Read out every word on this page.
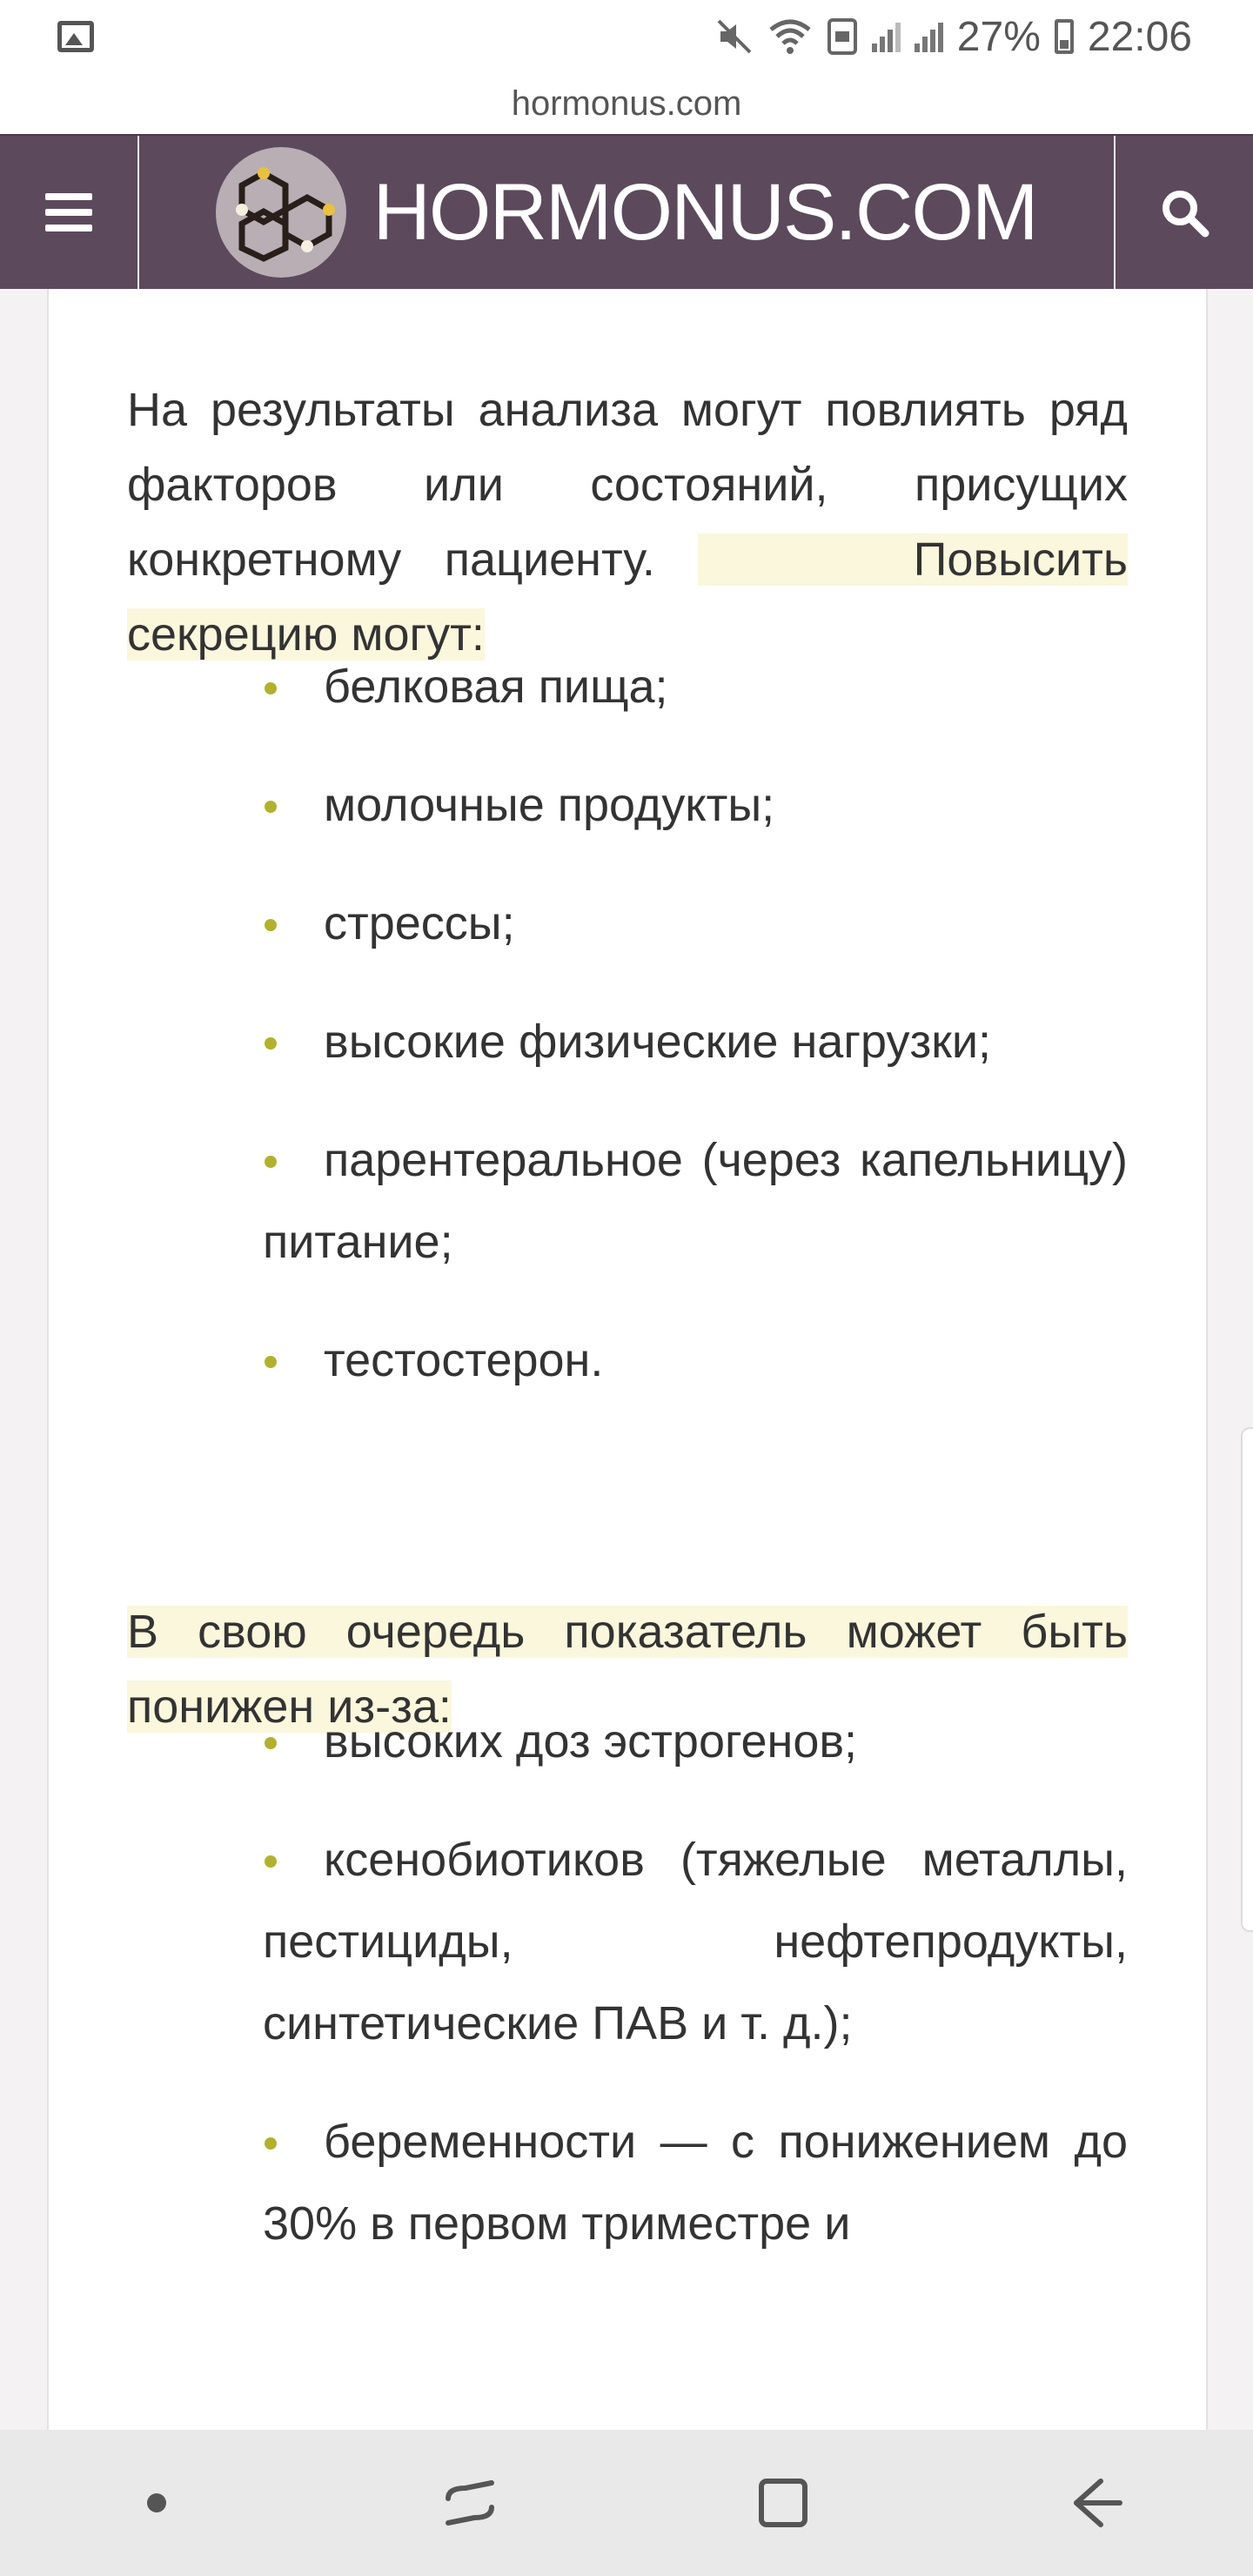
27% 22:06
hormonus.com
HORMONUS.COM

На результаты анализа могут повлиять ряд факторов или состояний, присущих конкретному пациенту.	Повысить секрецию могут:

белковая пища;
молочные продукты;
стрессы;
высокие физические нагрузки;
парентеральное (через капельницу) питание;
тестостерон.

В свою очередь показатель может быть понижен из-за:

высоких доз эстрогенов;
ксенобиотиков (тяжелые металлы, пестициды, нефтепродукты, синтетические ПАВ и т. д.);
беременности — с понижением до 30% в первом триместре и
